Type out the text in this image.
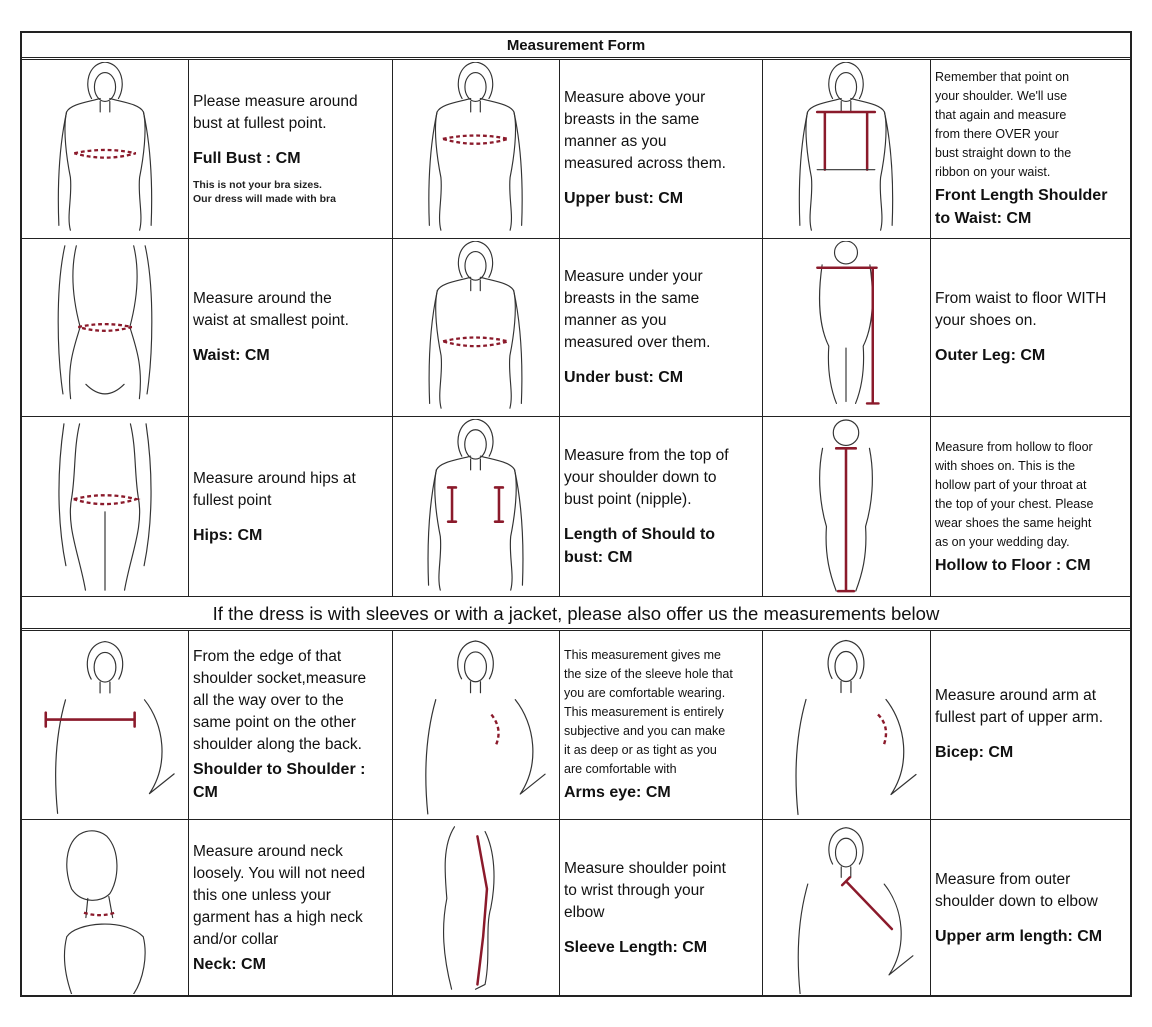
Measurement Form
If the dress is with sleeves or with a jacket, please also offer us the measurements below
Please measure around
bust at fullest point.
Full Bust : CM
This is not your bra sizes.
Our dress will made with bra
Measure above your
breasts in the same
manner as you
measured across them.
Upper bust: CM
Remember that point on
your shoulder. We'll use
that again and measure
from there OVER your
bust straight down to the
ribbon on your waist.
Front Length Shoulder
to Waist: CM
Measure around the
waist at smallest point.
Waist: CM
Measure under your
breasts in the same
manner as you
measured over them.
Under bust: CM
From waist to floor WITH
your shoes on.
Outer Leg: CM
Measure around hips at
fullest point
Hips: CM
Measure from the top of
your shoulder down to
bust point (nipple).
Length of Should to
bust: CM
Measure from hollow to floor
with shoes on. This is the
hollow part of your throat at
the top of your chest. Please
wear shoes the same height
as on your wedding day.
Hollow to Floor : CM
From the edge of that
shoulder socket,measure
all the way over to the
same point on the other
shoulder along the back.
Shoulder to Shoulder :
CM
This measurement gives me
the size of the sleeve hole that
you are comfortable wearing.
This measurement is entirely
subjective and you can make
it as deep or as tight as you
are comfortable with
Arms eye: CM
Measure around arm at
fullest part of upper arm.
Bicep: CM
Measure around neck
loosely. You will not need
this one unless your
garment has a high neck
and/or collar
Neck: CM
Measure shoulder point
to wrist through your
elbow
Sleeve Length: CM
Measure from outer
shoulder down to elbow
Upper arm length: CM
